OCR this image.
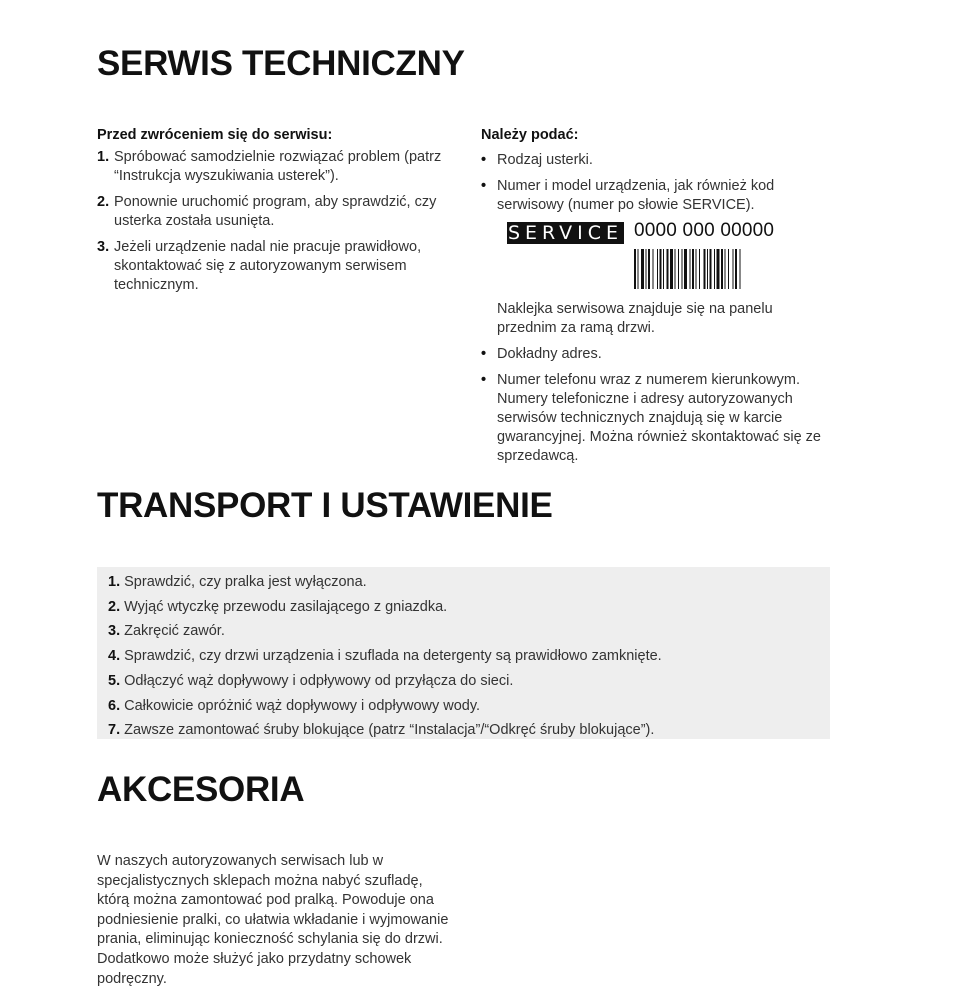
SERWIS TECHNICZNY
Przed zwróceniem się do serwisu:
1. Spróbować samodzielnie rozwiązać problem (patrz “Instrukcja wyszukiwania usterek”).
2. Ponownie uruchomić program, aby sprawdzić, czy usterka została usunięta.
3. Jeżeli urządzenie nadal nie pracuje prawidłowo, skontaktować się z autoryzowanym serwisem technicznym.
Należy podać:
• Rodzaj usterki.
• Numer i model urządzenia, jak również kod serwisowy (numer po słowie SERVICE).
SERVICE 0000 000 00000
Naklejka serwisowa znajduje się na panelu przednim za ramą drzwi.
• Dokładny adres.
• Numer telefonu wraz z numerem kierunkowym.
Numery telefoniczne i adresy autoryzowanych serwisów technicznych znajdują się w karcie gwarancyjnej. Można również skontaktować się ze sprzedawcą.
TRANSPORT I USTAWIENIE
1. Sprawdzić, czy pralka jest wyłączona.
2. Wyjąć wtyczkę przewodu zasilającego z gniazdka.
3. Zakręcić zawór.
4. Sprawdzić, czy drzwi urządzenia i szuflada na detergenty są prawidłowo zamknięte.
5. Odłączyć wąż dopływowy i odpływowy od przyłącza do sieci.
6. Całkowicie opróżnić wąż dopływowy i odpływowy wody.
7. Zawsze zamontować śruby blokujące (patrz “Instalacja”/“Odkręć śruby blokujące”).
AKCESORIA

W naszych autoryzowanych serwisach lub w specjalistycznych sklepach można nabyć szufladę, którą można zamontować pod pralką. Powoduje ona podniesienie pralki, co ułatwia wkładanie i wyjmowanie prania, eliminując konieczność schylania się do drzwi. Dodatkowo może służyć jako przydatny schowek podręczny.
